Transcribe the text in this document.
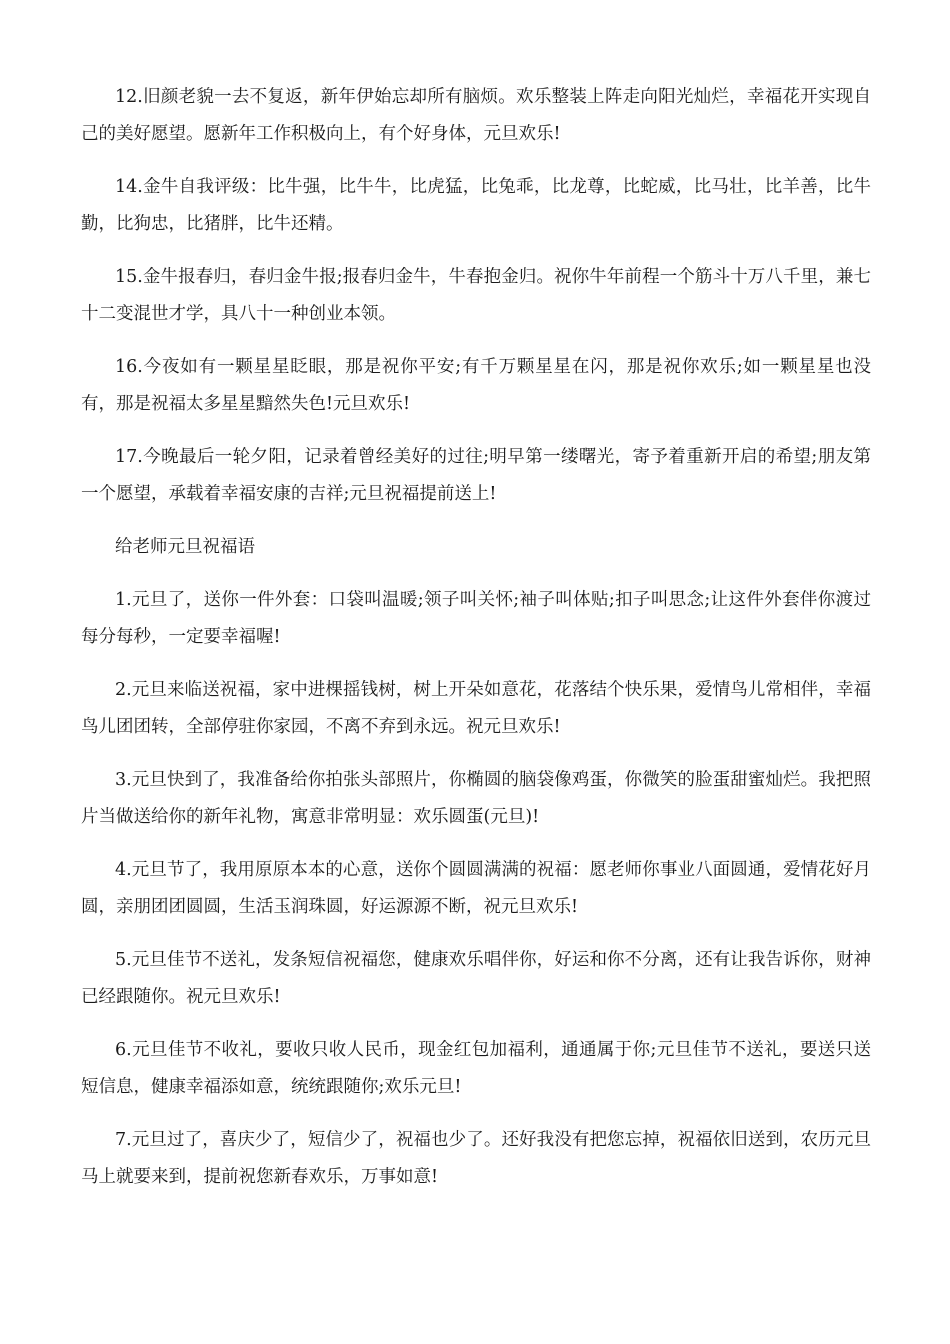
12.旧颜老貌一去不复返，新年伊始忘却所有脑烦。欢乐整装上阵走向阳光灿烂，幸福花开实现自己的美好愿望。愿新年工作积极向上，有个好身体，元旦欢乐!

14.金牛自我评级：比牛强，比牛牛，比虎猛，比兔乖，比龙尊，比蛇威，比马壮，比羊善，比牛勤，比狗忠，比猪胖，比牛还精。

15.金牛报春归，春归金牛报;报春归金牛，牛春抱金归。祝你牛年前程一个筋斗十万八千里，兼七十二变混世才学，具八十一种创业本领。

16.今夜如有一颗星星眨眼，那是祝你平安;有千万颗星星在闪，那是祝你欢乐;如一颗星星也没有，那是祝福太多星星黯然失色!元旦欢乐!

17.今晚最后一轮夕阳，记录着曾经美好的过往;明早第一缕曙光，寄予着重新开启的希望;朋友第一个愿望，承载着幸福安康的吉祥;元旦祝福提前送上!

给老师元旦祝福语

1.元旦了，送你一件外套：口袋叫温暖;领子叫关怀;袖子叫体贴;扣子叫思念;让这件外套伴你渡过每分每秒，一定要幸福喔!

2.元旦来临送祝福，家中进棵摇钱树，树上开朵如意花，花落结个快乐果，爱情鸟儿常相伴，幸福鸟儿团团转，全部停驻你家园，不离不弃到永远。祝元旦欢乐!

3.元旦快到了，我准备给你拍张头部照片，你椭圆的脑袋像鸡蛋，你微笑的脸蛋甜蜜灿烂。我把照片当做送给你的新年礼物，寓意非常明显：欢乐圆蛋(元旦)!

4.元旦节了，我用原原本本的心意，送你个圆圆满满的祝福：愿老师你事业八面圆通，爱情花好月圆，亲朋团团圆圆，生活玉润珠圆，好运源源不断，祝元旦欢乐!

5.元旦佳节不送礼，发条短信祝福您，健康欢乐唱伴你，好运和你不分离，还有让我告诉你，财神已经跟随你。祝元旦欢乐!

6.元旦佳节不收礼，要收只收人民币，现金红包加福利，通通属于你;元旦佳节不送礼，要送只送短信息，健康幸福添如意，统统跟随你;欢乐元旦!

7.元旦过了，喜庆少了，短信少了，祝福也少了。还好我没有把您忘掉，祝福依旧送到，农历元旦马上就要来到，提前祝您新春欢乐，万事如意!
